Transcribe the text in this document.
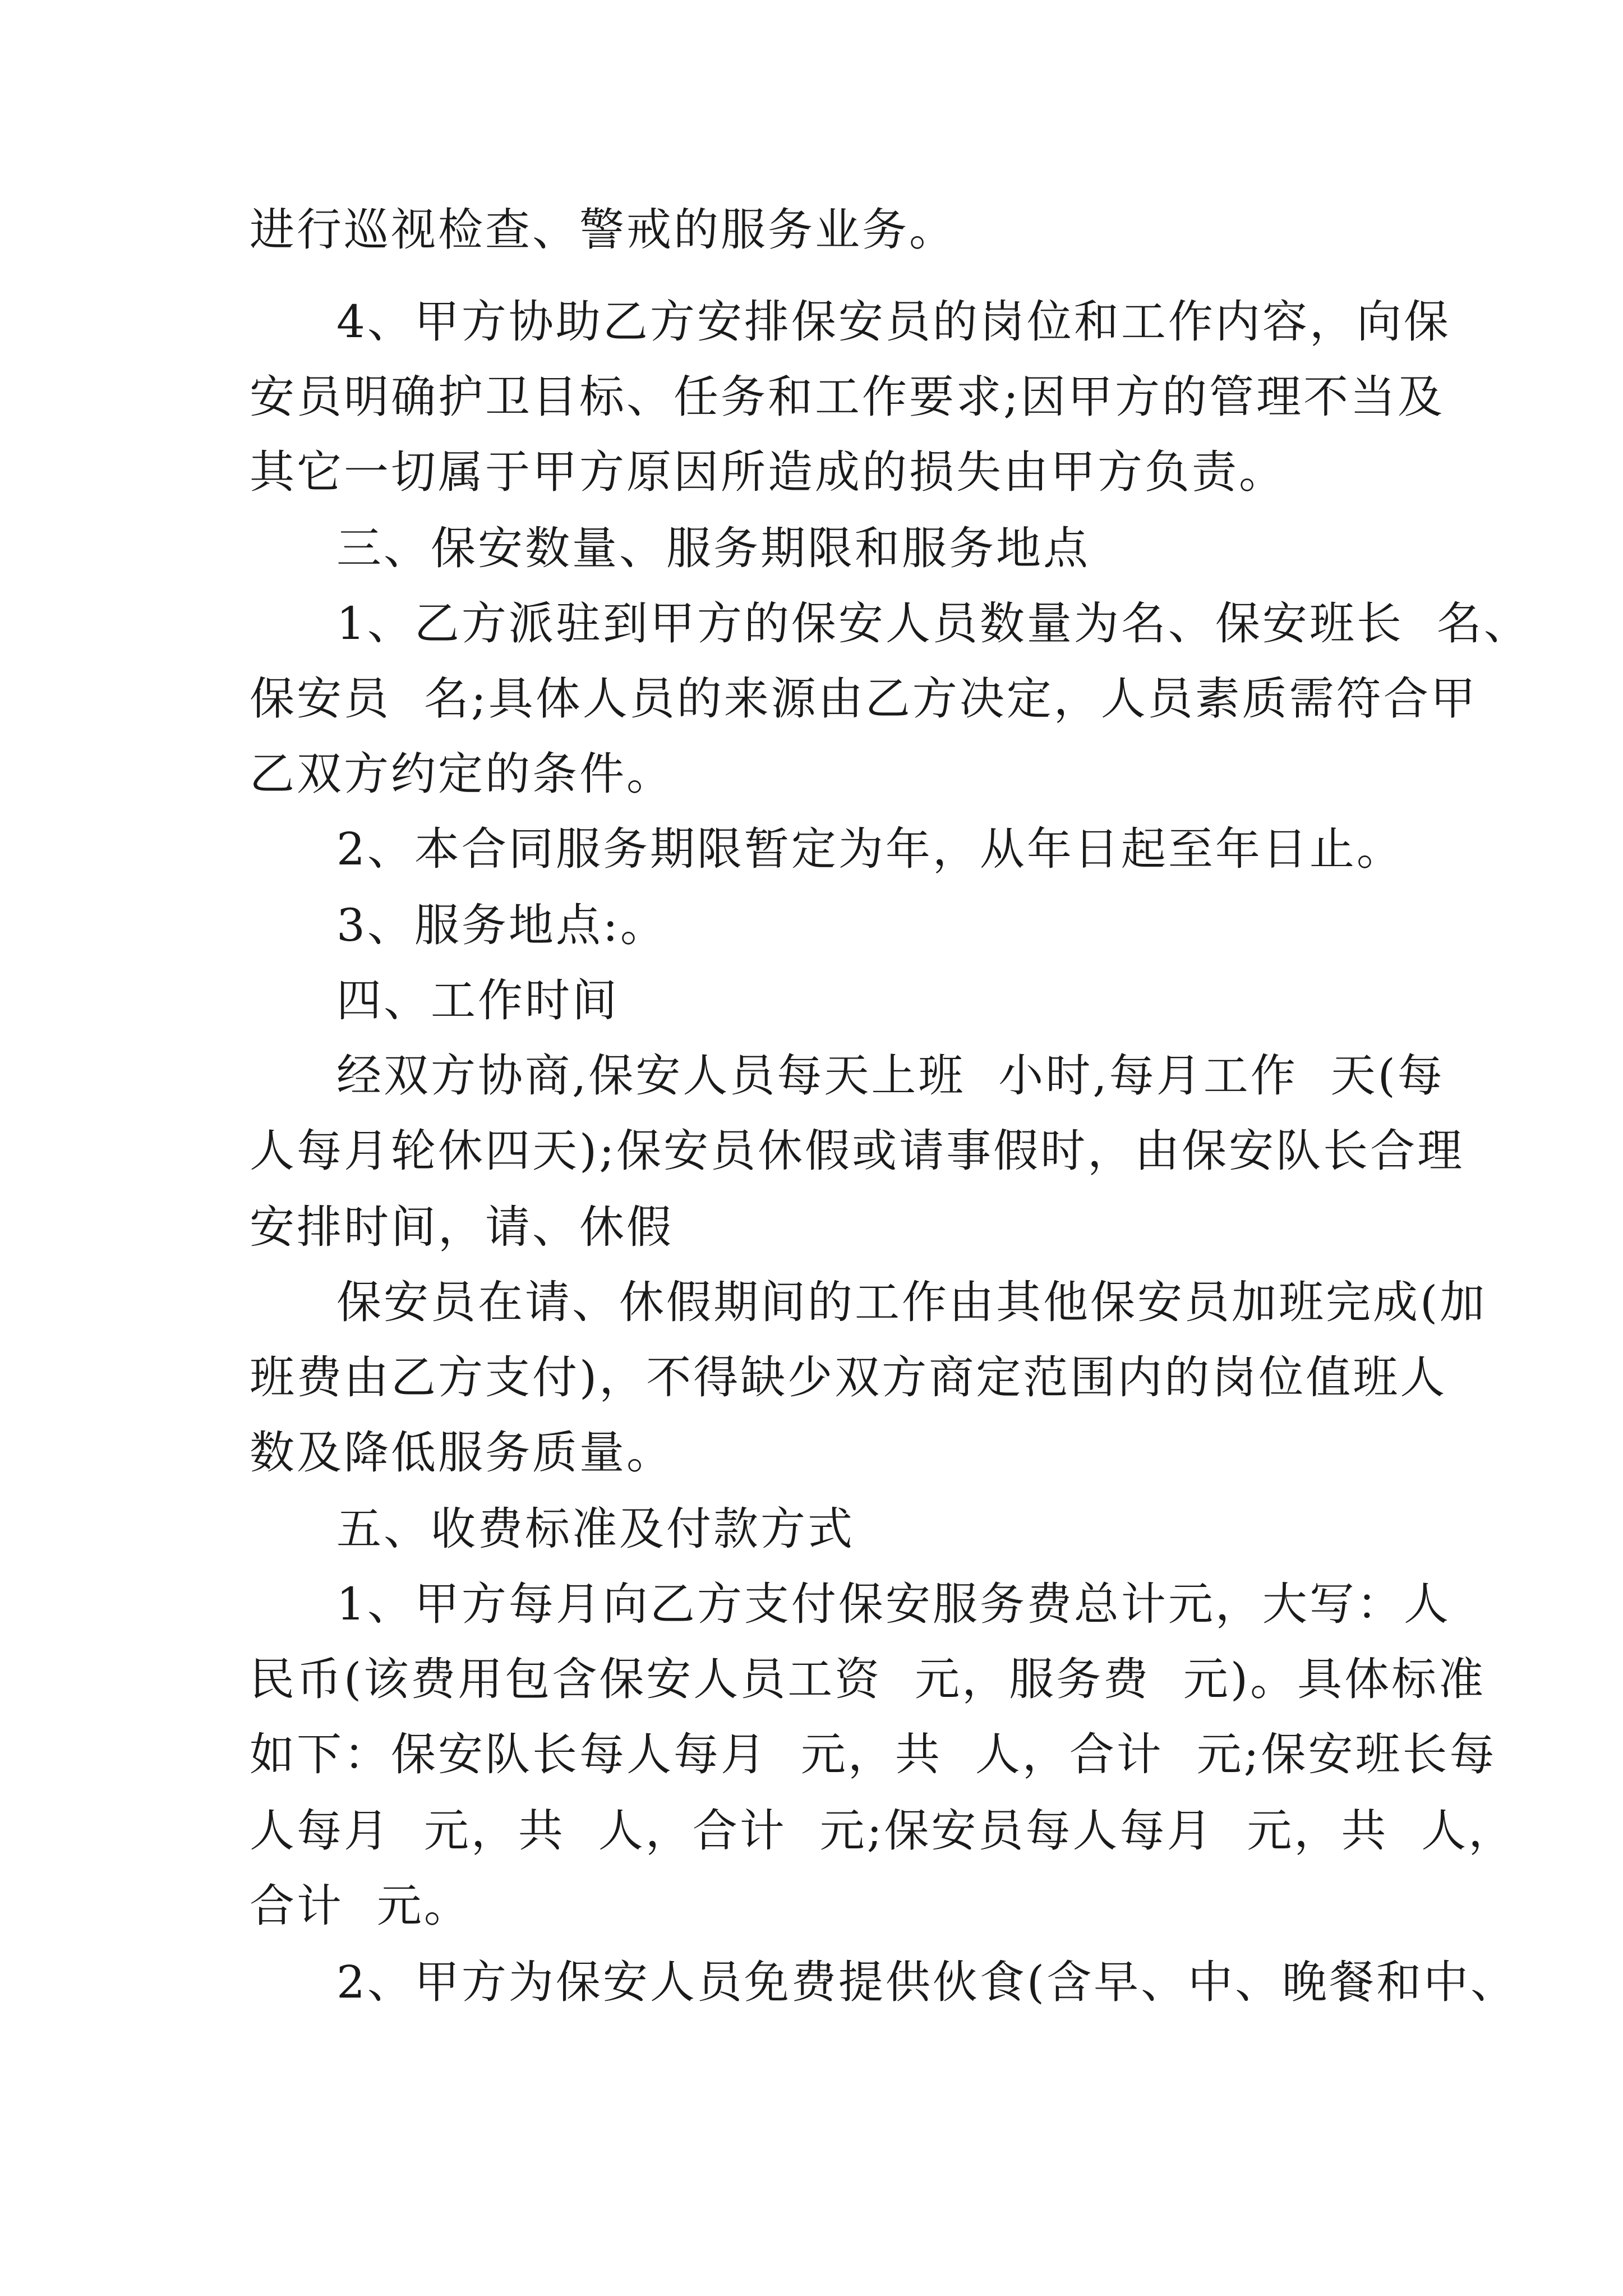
进行巡视检查、警戒的服务业务。
4、甲方协助乙方安排保安员的岗位和工作内容，向保
安员明确护卫目标、任务和工作要求;因甲方的管理不当及
其它一切属于甲方原因所造成的损失由甲方负责。
三、保安数量、服务期限和服务地点
1、乙方派驻到甲方的保安人员数量为名、保安班长  名、
保安员  名;具体人员的来源由乙方决定，人员素质需符合甲
乙双方约定的条件。
2、本合同服务期限暂定为年，从年日起至年日止。
3、服务地点:。
四、工作时间
经双方协商,保安人员每天上班  小时,每月工作  天(每
人每月轮休四天);保安员休假或请事假时，由保安队长合理
安排时间，请、休假
保安员在请、休假期间的工作由其他保安员加班完成(加
班费由乙方支付)，不得缺少双方商定范围内的岗位值班人
数及降低服务质量。
五、收费标准及付款方式
1、甲方每月向乙方支付保安服务费总计元，大写：人
民币(该费用包含保安人员工资  元，服务费  元)。具体标准
如下：保安队长每人每月  元，共  人，合计  元;保安班长每
人每月  元，共  人，合计  元;保安员每人每月  元，共  人，
合计  元。
2、甲方为保安人员免费提供伙食(含早、中、晚餐和中、
